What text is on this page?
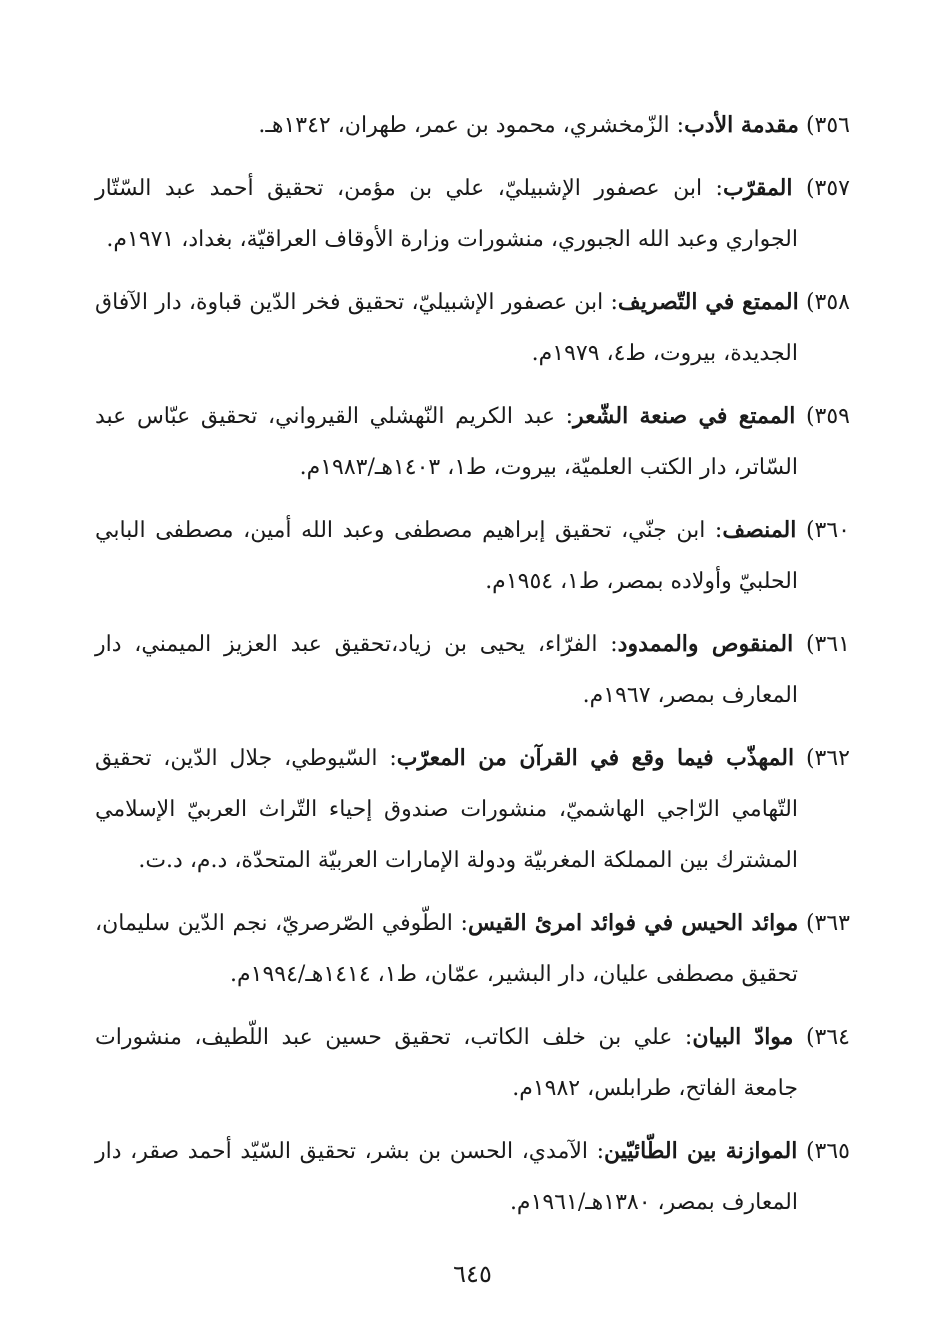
٣٥٦) مقدمة الأدب: الزّمخشري، محمود بن عمر، طهران، ١٣٤٢هـ.

٣٥٧) المقرّب: ابن عصفور الإشبيليّ، علي بن مؤمن، تحقيق أحمد عبد السّتّار الجواري وعبد الله الجبوري، منشورات وزارة الأوقاف العراقيّة، بغداد، ١٩٧١م.

٣٥٨) الممتع في التّصريف: ابن عصفور الإشبيليّ، تحقيق فخر الدّين قباوة، دار الآفاق الجديدة، بيروت، ط٤، ١٩٧٩م.

٣٥٩) الممتع في صنعة الشّعر: عبد الكريم النّهشلي القيرواني، تحقيق عبّاس عبد السّاتر، دار الكتب العلميّة، بيروت، ط١، ١٤٠٣هـ/١٩٨٣م.

٣٦٠) المنصف: ابن جنّي، تحقيق إبراهيم مصطفى وعبد الله أمين، مصطفى البابي الحلبيّ وأولاده بمصر، ط١، ١٩٥٤م.

٣٦١) المنقوص والممدود: الفرّاء، يحيى بن زياد،تحقيق عبد العزيز الميمني، دار المعارف بمصر، ١٩٦٧م.

٣٦٢) المهذّب فيما وقع في القرآن من المعرّب: السّيوطي، جلال الدّين، تحقيق التّهامي الرّاجي الهاشميّ، منشورات صندوق إحياء التّراث العربيّ الإسلامي المشترك بين المملكة المغربيّة ودولة الإمارات العربيّة المتحدّة، د.م، د.ت.

٣٦٣) موائد الحيس في فوائد امرئ القيس: الطّوفي الصّرصريّ، نجم الدّين سليمان، تحقيق مصطفى عليان، دار البشير، عمّان، ط١، ١٤١٤هـ/١٩٩٤م.

٣٦٤) موادّ البيان: علي بن خلف الكاتب، تحقيق حسين عبد اللّطيف، منشورات جامعة الفاتح، طرابلس، ١٩٨٢م.

٣٦٥) الموازنة بين الطّائيّين: الآمدي، الحسن بن بشر، تحقيق السّيّد أحمد صقر، دار المعارف بمصر، ١٣٨٠هـ/١٩٦١م.

٦٤٥
